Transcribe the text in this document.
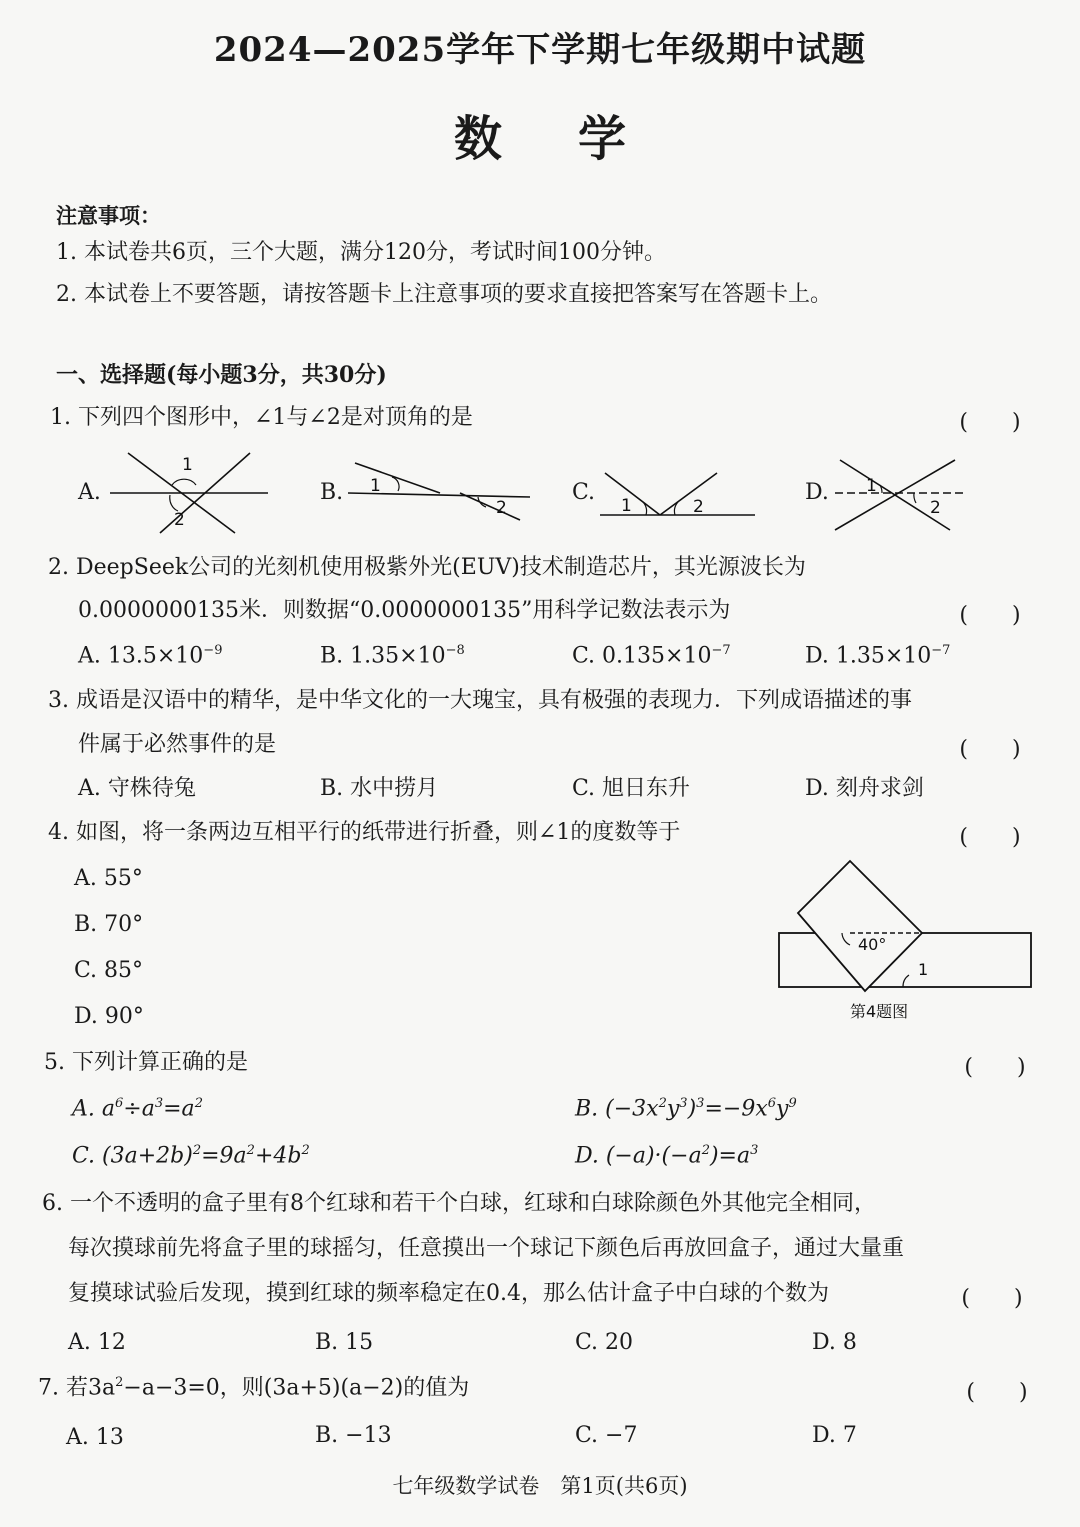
2024—2025学年下学期七年级期中试题
数 学
注意事项：
1. 本试卷共6页，三个大题，满分120分，考试时间100分钟。
2. 本试卷上不要答题，请按答题卡上注意事项的要求直接把答案写在答题卡上。
一、选择题(每小题3分，共30分)
1. 下列四个图形中，∠1与∠2是对顶角的是	(　　)
A.
1
2
B. 1
2
C.
1	2
D. 1
2
2. DeepSeek公司的光刻机使用极紫外光(EUV)技术制造芯片，其光源波长为
0.0000000135米．则数据“0.0000000135”用科学记数法表示为	(　　)
A. $13.5\times 10^{-9}$	B. $1.35\times 10^{-8}$	C. $0.135\times 10^{-7}$	D. $1.35\times 10^{-7}$
3. 成语是汉语中的精华，是中华文化的一大瑰宝，具有极强的表现力．下列成语描述的事
件属于必然事件的是	(　　)
A. 守株待兔	B. 水中捞月	C. 旭日东升	D. 刻舟求剑
4. 如图，将一条两边互相平行的纸带进行折叠，则∠1的度数等于	(　　)
A. 55°
B. 70°
C. 85°
D. 90°
40°
1
第4题图
5. 下列计算正确的是	(　　)
A. $a^6\div a^3=a^2$	B. $(-3x^2y^3)^3=-9x^6y^9$
C. $(3a+2b)^2=9a^2+4b^2$	D. $(-a)\cdot(-a^2)=a^3$
6. 一个不透明的盒子里有8个红球和若干个白球，红球和白球除颜色外其他完全相同，
每次摸球前先将盒子里的球摇匀，任意摸出一个球记下颜色后再放回盒子，通过大量重
复摸球试验后发现，摸到红球的频率稳定在0.4，那么估计盒子中白球的个数为	(　　)
A. 12	B. 15	C. 20	D. 8
7. 若$3a^2-a-3=0$，则(3a+5)(a−2)的值为	(　　)
A. 13	B. −13	C. −7	D. 7
七年级数学试卷　第1页(共6页)
